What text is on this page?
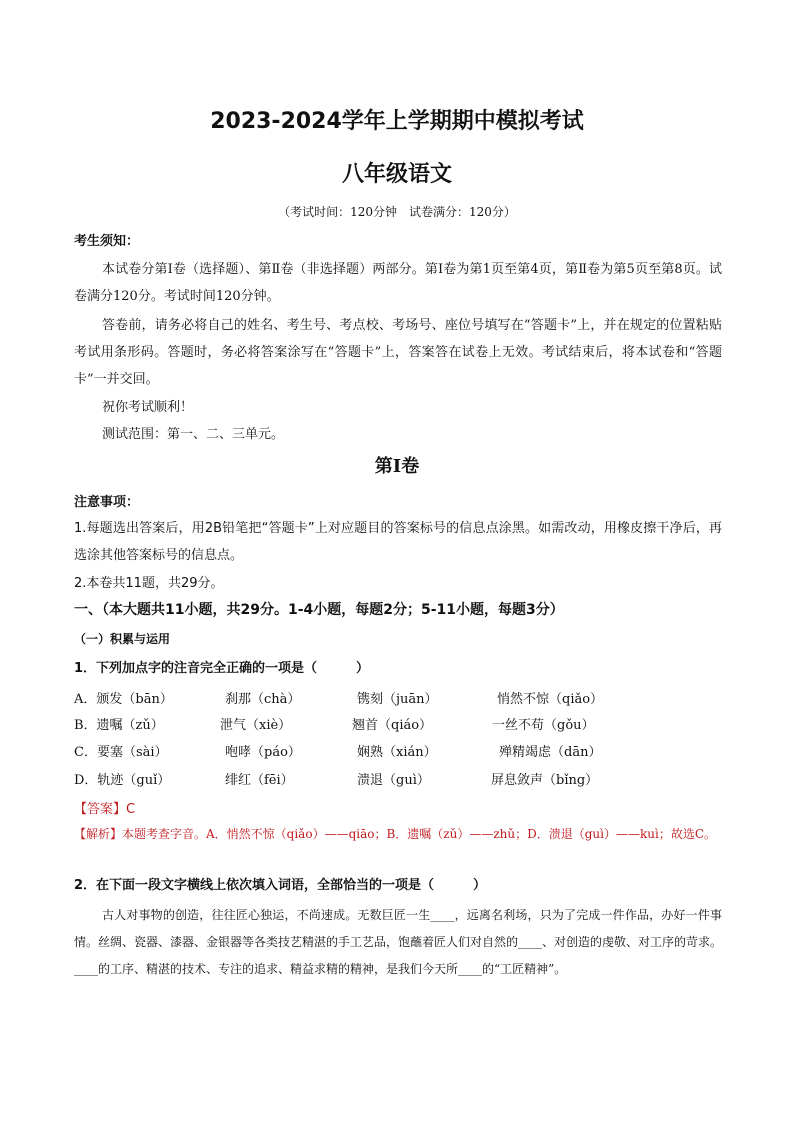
2023-2024学年上学期期中模拟考试
八年级语文
（考试时间：120分钟　试卷满分：120分）
考生须知：
本试卷分第Ⅰ卷（选择题）、第Ⅱ卷（非选择题）两部分。第Ⅰ卷为第1页至第4页，第Ⅱ卷为第5页至第8页。试卷满分120分。考试时间120分钟。
答卷前，请务必将自己的姓名、考生号、考点校、考场号、座位号填写在“答题卡”上，并在规定的位置粘贴考试用条形码。答题时，务必将答案涂写在“答题卡”上，答案答在试卷上无效。考试结束后，将本试卷和“答题卡”一并交回。
祝你考试顺利！
测试范围：第一、二、三单元。
第Ⅰ卷
注意事项：
1.每题选出答案后，用2B铅笔把“答题卡”上对应题目的答案标号的信息点涂黑。如需改动，用橡皮擦干净后，再选涂其他答案标号的信息点。
2.本卷共11题，共29分。
一、（本大题共11小题，共29分。1-4小题，每题2分；5-11小题，每题3分）
（一）积累与运用
1．下列加点字的注音完全正确的一项是（　　　）
A．颁发（bān）	刹那（chà）	镌刻（juān）	悄然不惊（qiǎo）
B．遗嘱（zǔ）	泄气（xiè）	翘首（qiáo）	一丝不苟（gǒu）
C．要塞（sài）	咆哮（páo）	娴熟（xián）	殚精竭虑（dān）
D．轨迹（guǐ）	绯红（fēi）	溃退（guì）	屏息敛声（bǐng）
【答案】C
【解析】本题考查字音。A．悄然不惊（qiǎo）——qiāo；B．遗嘱（zǔ）——zhǔ；D．溃退（guì）——kuì；故选C。
2．在下面一段文字横线上依次填入词语，全部恰当的一项是（　　　）
古人对事物的创造，往往匠心独运，不尚速成。无数巨匠一生____，远离名利场，只为了完成一件作品，办好一件事情。丝绸、瓷器、漆器、金银器等各类技艺精湛的手工艺品，饱蘸着匠人们对自然的____、对创造的虔敬、对工序的苛求。____的工序、精湛的技术、专注的追求、精益求精的精神，是我们今天所____的“工匠精神”。
